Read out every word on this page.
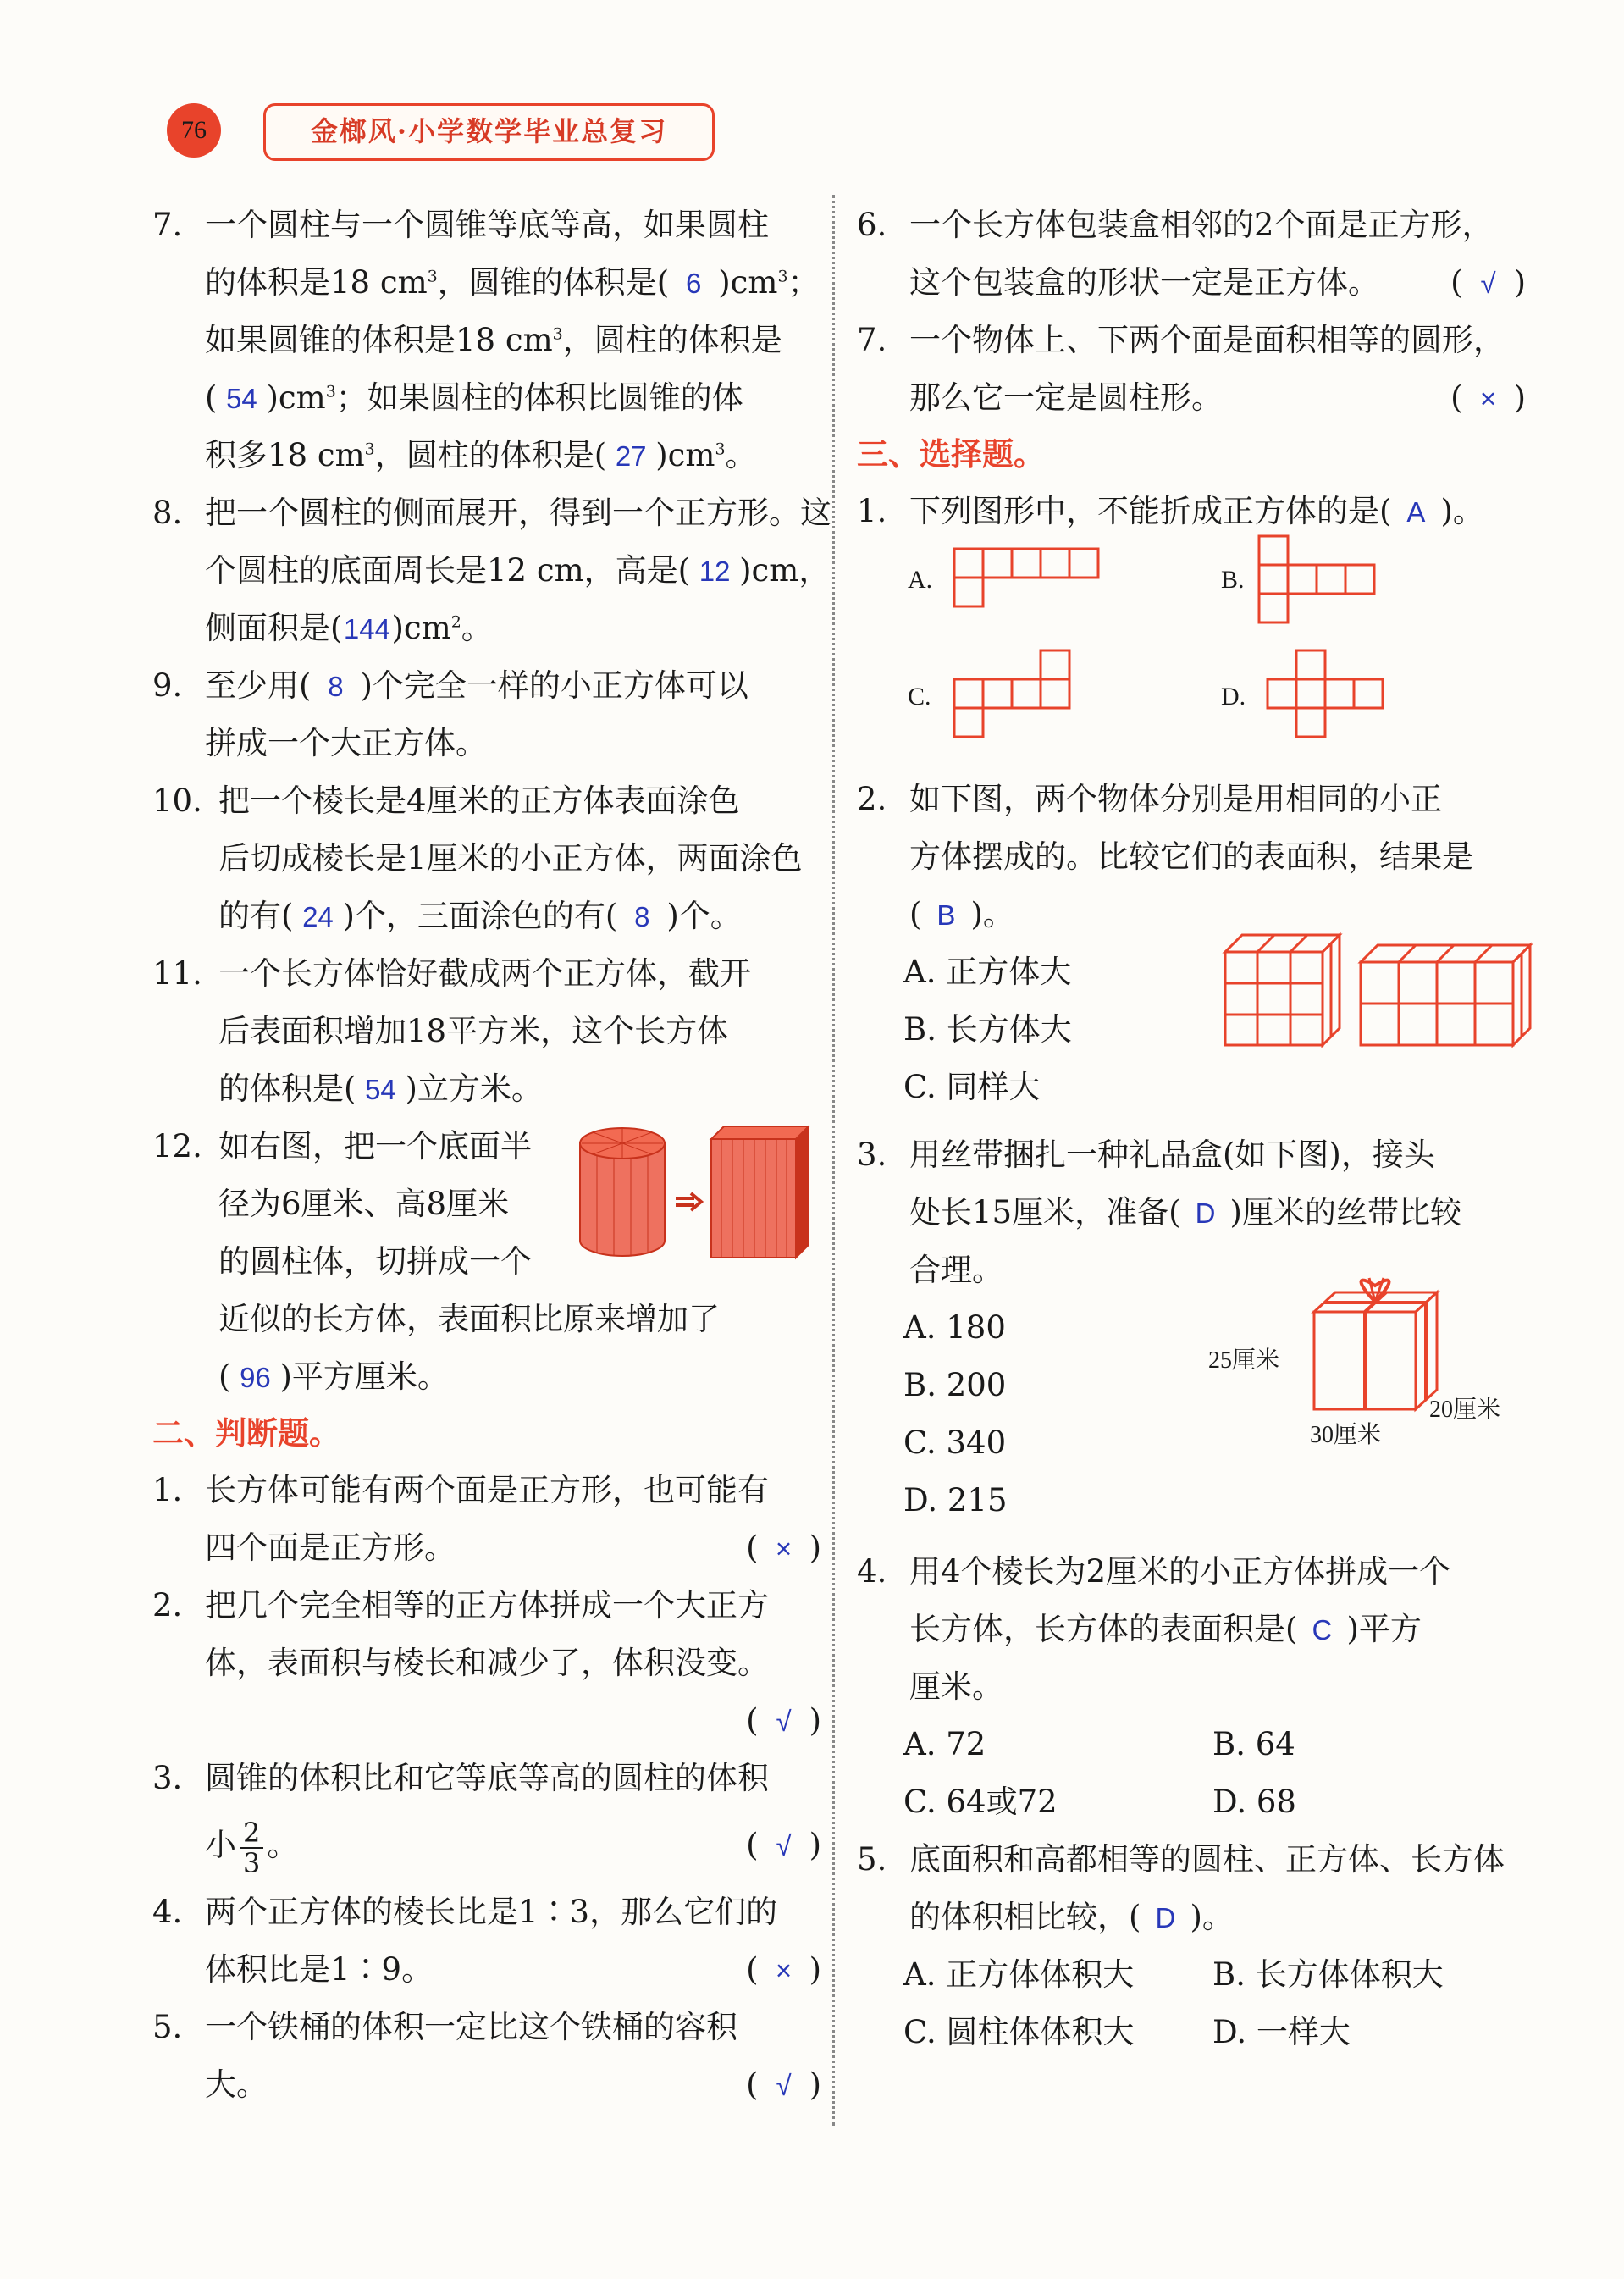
76	金榔风·小学数学毕业总复习
7. 一个圆柱与一个圆锥等底等高，如果圆柱
的体积是18 $cm^3$，圆锥的体积是( 6 )$cm^3$；
如果圆锥的体积是18 $cm^3$，圆柱的体积是
( 54 )$cm^3$；如果圆柱的体积比圆锥的体
积多18 $cm^3$，圆柱的体积是( 27 )$cm^3$。
8. 把一个圆柱的侧面展开，得到一个正方形。这
个圆柱的底面周长是12 cm，高是( 12 )cm，
侧面积是$(144)cm^2$。
9. 至少用( 8 )个完全一样的小正方体可以
拼成一个大正方体。
10. 把一个棱长是4厘米的正方体表面涂色
后切成棱长是1厘米的小正方体，两面涂色
的有( 24 )个，三面涂色的有( 8 )个。
11. 一个长方体恰好截成两个正方体，截开
后表面积增加18平方米，这个长方体
的体积是( 54 )立方米。
12. 如右图，把一个底面半
径为6厘米、高8厘米
的圆柱体，切拼成一个
近似的长方体，表面积比原来增加了
( 96 )平方厘米。
二、判断题。
1. 长方体可能有两个面是正方形，也可能有
四个面是正方形。	( × )
2. 把几个完全相等的正方体拼成一个大正方
体，表面积与棱长和减少了，体积没变。
( √ )
3. 圆锥的体积比和它等底等高的圆柱的体积
小 $\frac{2}{3}$ 。	( √ )
4. 两个正方体的棱长比是1∶3，那么它们的
体积比是1∶9。	( × )
5. 一个铁桶的体积一定比这个铁桶的容积
大。	( √ )
6. 一个长方体包装盒相邻的2个面是正方形，
这个包装盒的形状一定是正方体。 ( √ )
7. 一个物体上、下两个面是面积相等的圆形，
那么它一定是圆柱形。	( × )
三、选择题。
1. 下列图形中，不能折成正方体的是( A )。
A.	B.
C.	D.
2. 如下图，两个物体分别是用相同的小正
方体摆成的。比较它们的表面积，结果是
( B )。
A. 正方体大
B. 长方体大
C. 同样大
3. 用丝带捆扎一种礼品盒(如下图)，接头
处长15厘米，准备( D )厘米的丝带比较
合理。
A. 180
B. 200
C. 340
D. 215
25厘米
20厘米
30厘米
4. 用4个棱长为2厘米的小正方体拼成一个
长方体，长方体的表面积是( C )平方
厘米。
A. 72	B. 64
C. 64或72	D. 68
5. 底面积和高都相等的圆柱、正方体、长方体
的体积相比较，( D )。
A. 正方体体积大	B. 长方体体积大
C. 圆柱体体积大 D. 一样大
